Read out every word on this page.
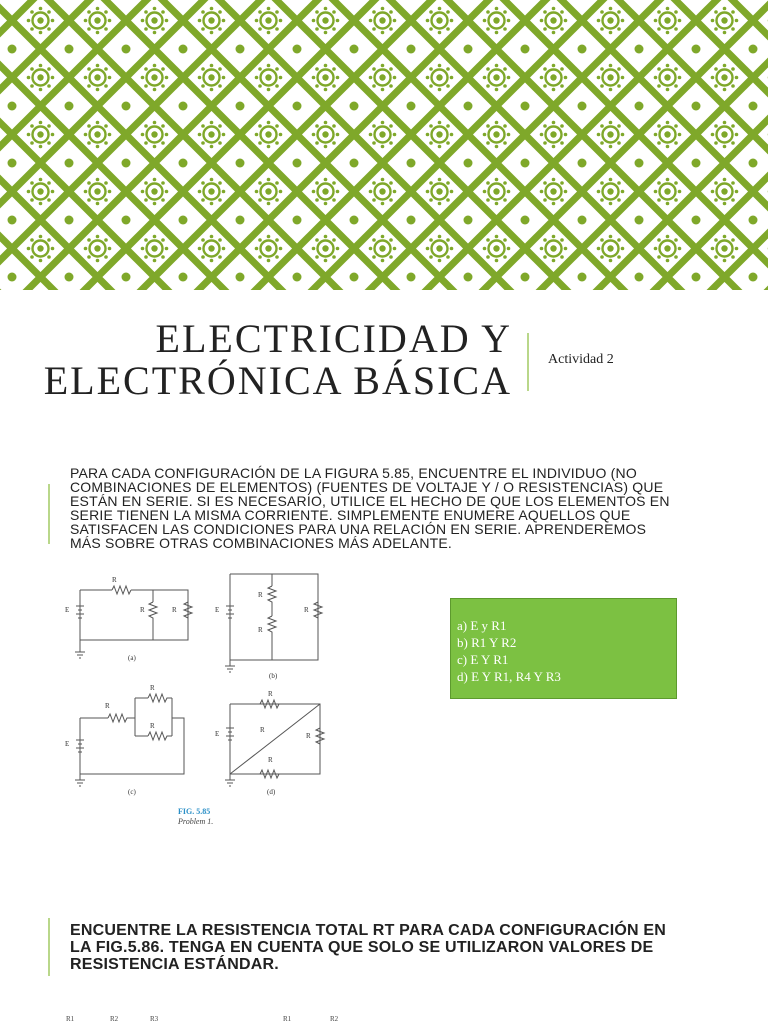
ELECTRICIDAD Y
ELECTRÓNICA BÁSICA	Actividad 2
PARA CADA CONFIGURACIÓN DE LA FIGURA 5.85, ENCUENTRE EL INDIVIDUO (NO COMBINACIONES DE ELEMENTOS) (FUENTES DE VOLTAJE Y / O RESISTENCIAS) QUE ESTÁN EN SERIE. SI ES NECESARIO, UTILICE EL HECHO DE QUE LOS ELEMENTOS EN SERIE TIENEN LA MISMA CORRIENTE. SIMPLEMENTE ENUMERE AQUELLOS QUE SATISFACEN LAS CONDICIONES PARA UNA RELACIÓN EN SERIE. APRENDEREMOS MÁS SOBRE OTRAS COMBINACIONES MÁS ADELANTE.
R
E	R	R
(a)
E
R
R
R
(b)
R
R
R
E
(c)
E
R
R
R
R
(d)
FIG. 5.85
Problem 1.
a) E y R1
b) R1 Y R2
c) E Y R1
d) E Y R1, R4 Y R3
ENCUENTRE LA RESISTENCIA TOTAL RT PARA CADA CONFIGURACIÓN EN LA FIG.5.86. TENGA EN CUENTA QUE SOLO SE UTILIZARON VALORES DE RESISTENCIA ESTÁNDAR.
R1	R2	R3	R1	R2
